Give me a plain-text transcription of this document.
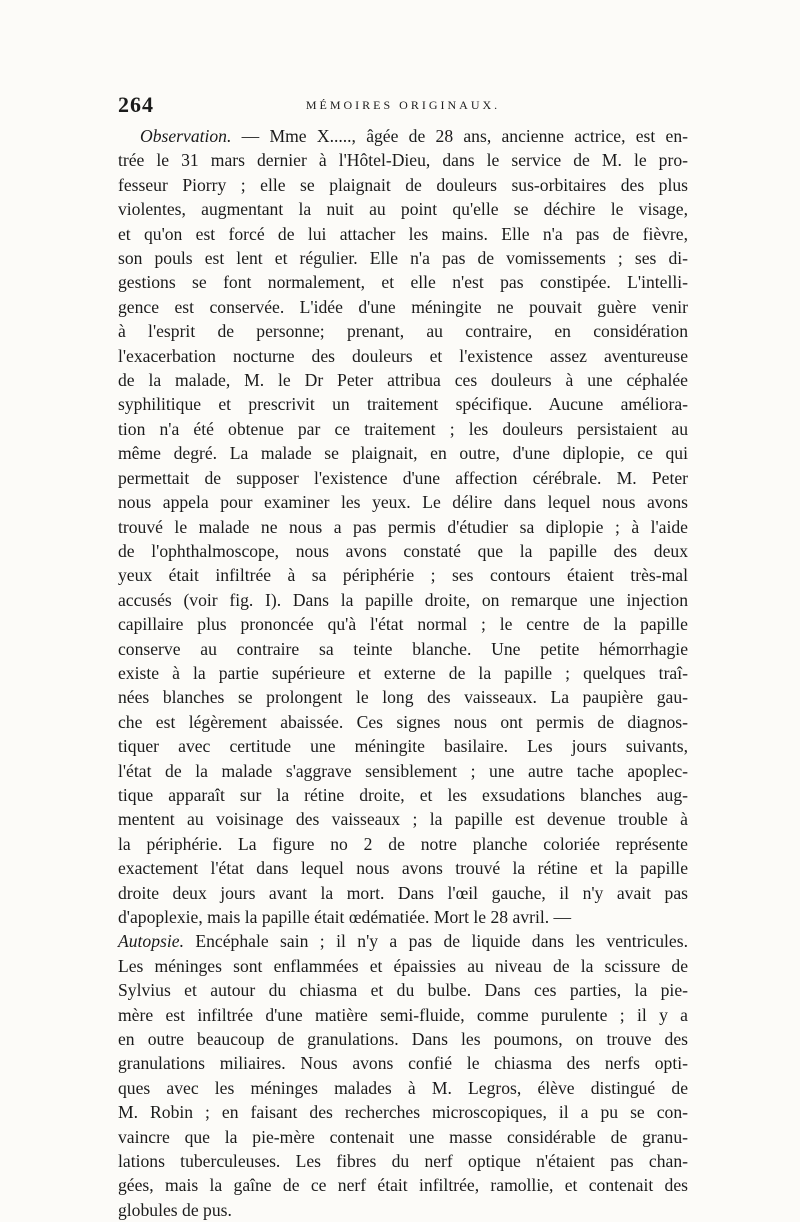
264	MÉMOIRES ORIGINAUX.
Observation. — Mme X....., âgée de 28 ans, ancienne actrice, est en-
trée le 31 mars dernier à l'Hôtel-Dieu, dans le service de M. le pro-
fesseur Piorry ; elle se plaignait de douleurs sus-orbitaires des plus
violentes, augmentant la nuit au point qu'elle se déchire le visage,
et qu'on est forcé de lui attacher les mains. Elle n'a pas de fièvre,
son pouls est lent et régulier. Elle n'a pas de vomissements ; ses di-
gestions se font normalement, et elle n'est pas constipée. L'intelli-
gence est conservée. L'idée d'une méningite ne pouvait guère venir
à l'esprit de personne; prenant, au contraire, en considération
l'exacerbation nocturne des douleurs et l'existence assez aventureuse
de la malade, M. le Dr Peter attribua ces douleurs à une céphalée
syphilitique et prescrivit un traitement spécifique. Aucune améliora-
tion n'a été obtenue par ce traitement ; les douleurs persistaient au
même degré. La malade se plaignait, en outre, d'une diplopie, ce qui
permettait de supposer l'existence d'une affection cérébrale. M. Peter
nous appela pour examiner les yeux. Le délire dans lequel nous avons
trouvé le malade ne nous a pas permis d'étudier sa diplopie ; à l'aide
de l'ophthalmoscope, nous avons constaté que la papille des deux
yeux était infiltrée à sa périphérie ; ses contours étaient très-mal
accusés (voir fig. I). Dans la papille droite, on remarque une injection
capillaire plus prononcée qu'à l'état normal ; le centre de la papille
conserve au contraire sa teinte blanche. Une petite hémorrhagie
existe à la partie supérieure et externe de la papille ; quelques traî-
nées blanches se prolongent le long des vaisseaux. La paupière gau-
che est légèrement abaissée. Ces signes nous ont permis de diagnos-
tiquer avec certitude une méningite basilaire. Les jours suivants,
l'état de la malade s'aggrave sensiblement ; une autre tache apoplec-
tique apparaît sur la rétine droite, et les exsudations blanches aug-
mentent au voisinage des vaisseaux ; la papille est devenue trouble à
la périphérie. La figure no 2 de notre planche coloriée représente
exactement l'état dans lequel nous avons trouvé la rétine et la papille
droite deux jours avant la mort. Dans l'œil gauche, il n'y avait pas
d'apoplexie, mais la papille était œdématiée. Mort le 28 avril. —
Autopsie. Encéphale sain ; il n'y a pas de liquide dans les ventricules.
Les méninges sont enflammées et épaissies au niveau de la scissure de
Sylvius et autour du chiasma et du bulbe. Dans ces parties, la pie-
mère est infiltrée d'une matière semi-fluide, comme purulente ; il y a
en outre beaucoup de granulations. Dans les poumons, on trouve des
granulations miliaires. Nous avons confié le chiasma des nerfs opti-
ques avec les méninges malades à M. Legros, élève distingué de
M. Robin ; en faisant des recherches microscopiques, il a pu se con-
vaincre que la pie-mère contenait une masse considérable de granu-
lations tuberculeuses. Les fibres du nerf optique n'étaient pas chan-
gées, mais la gaîne de ce nerf était infiltrée, ramollie, et contenait des
globules de pus.
